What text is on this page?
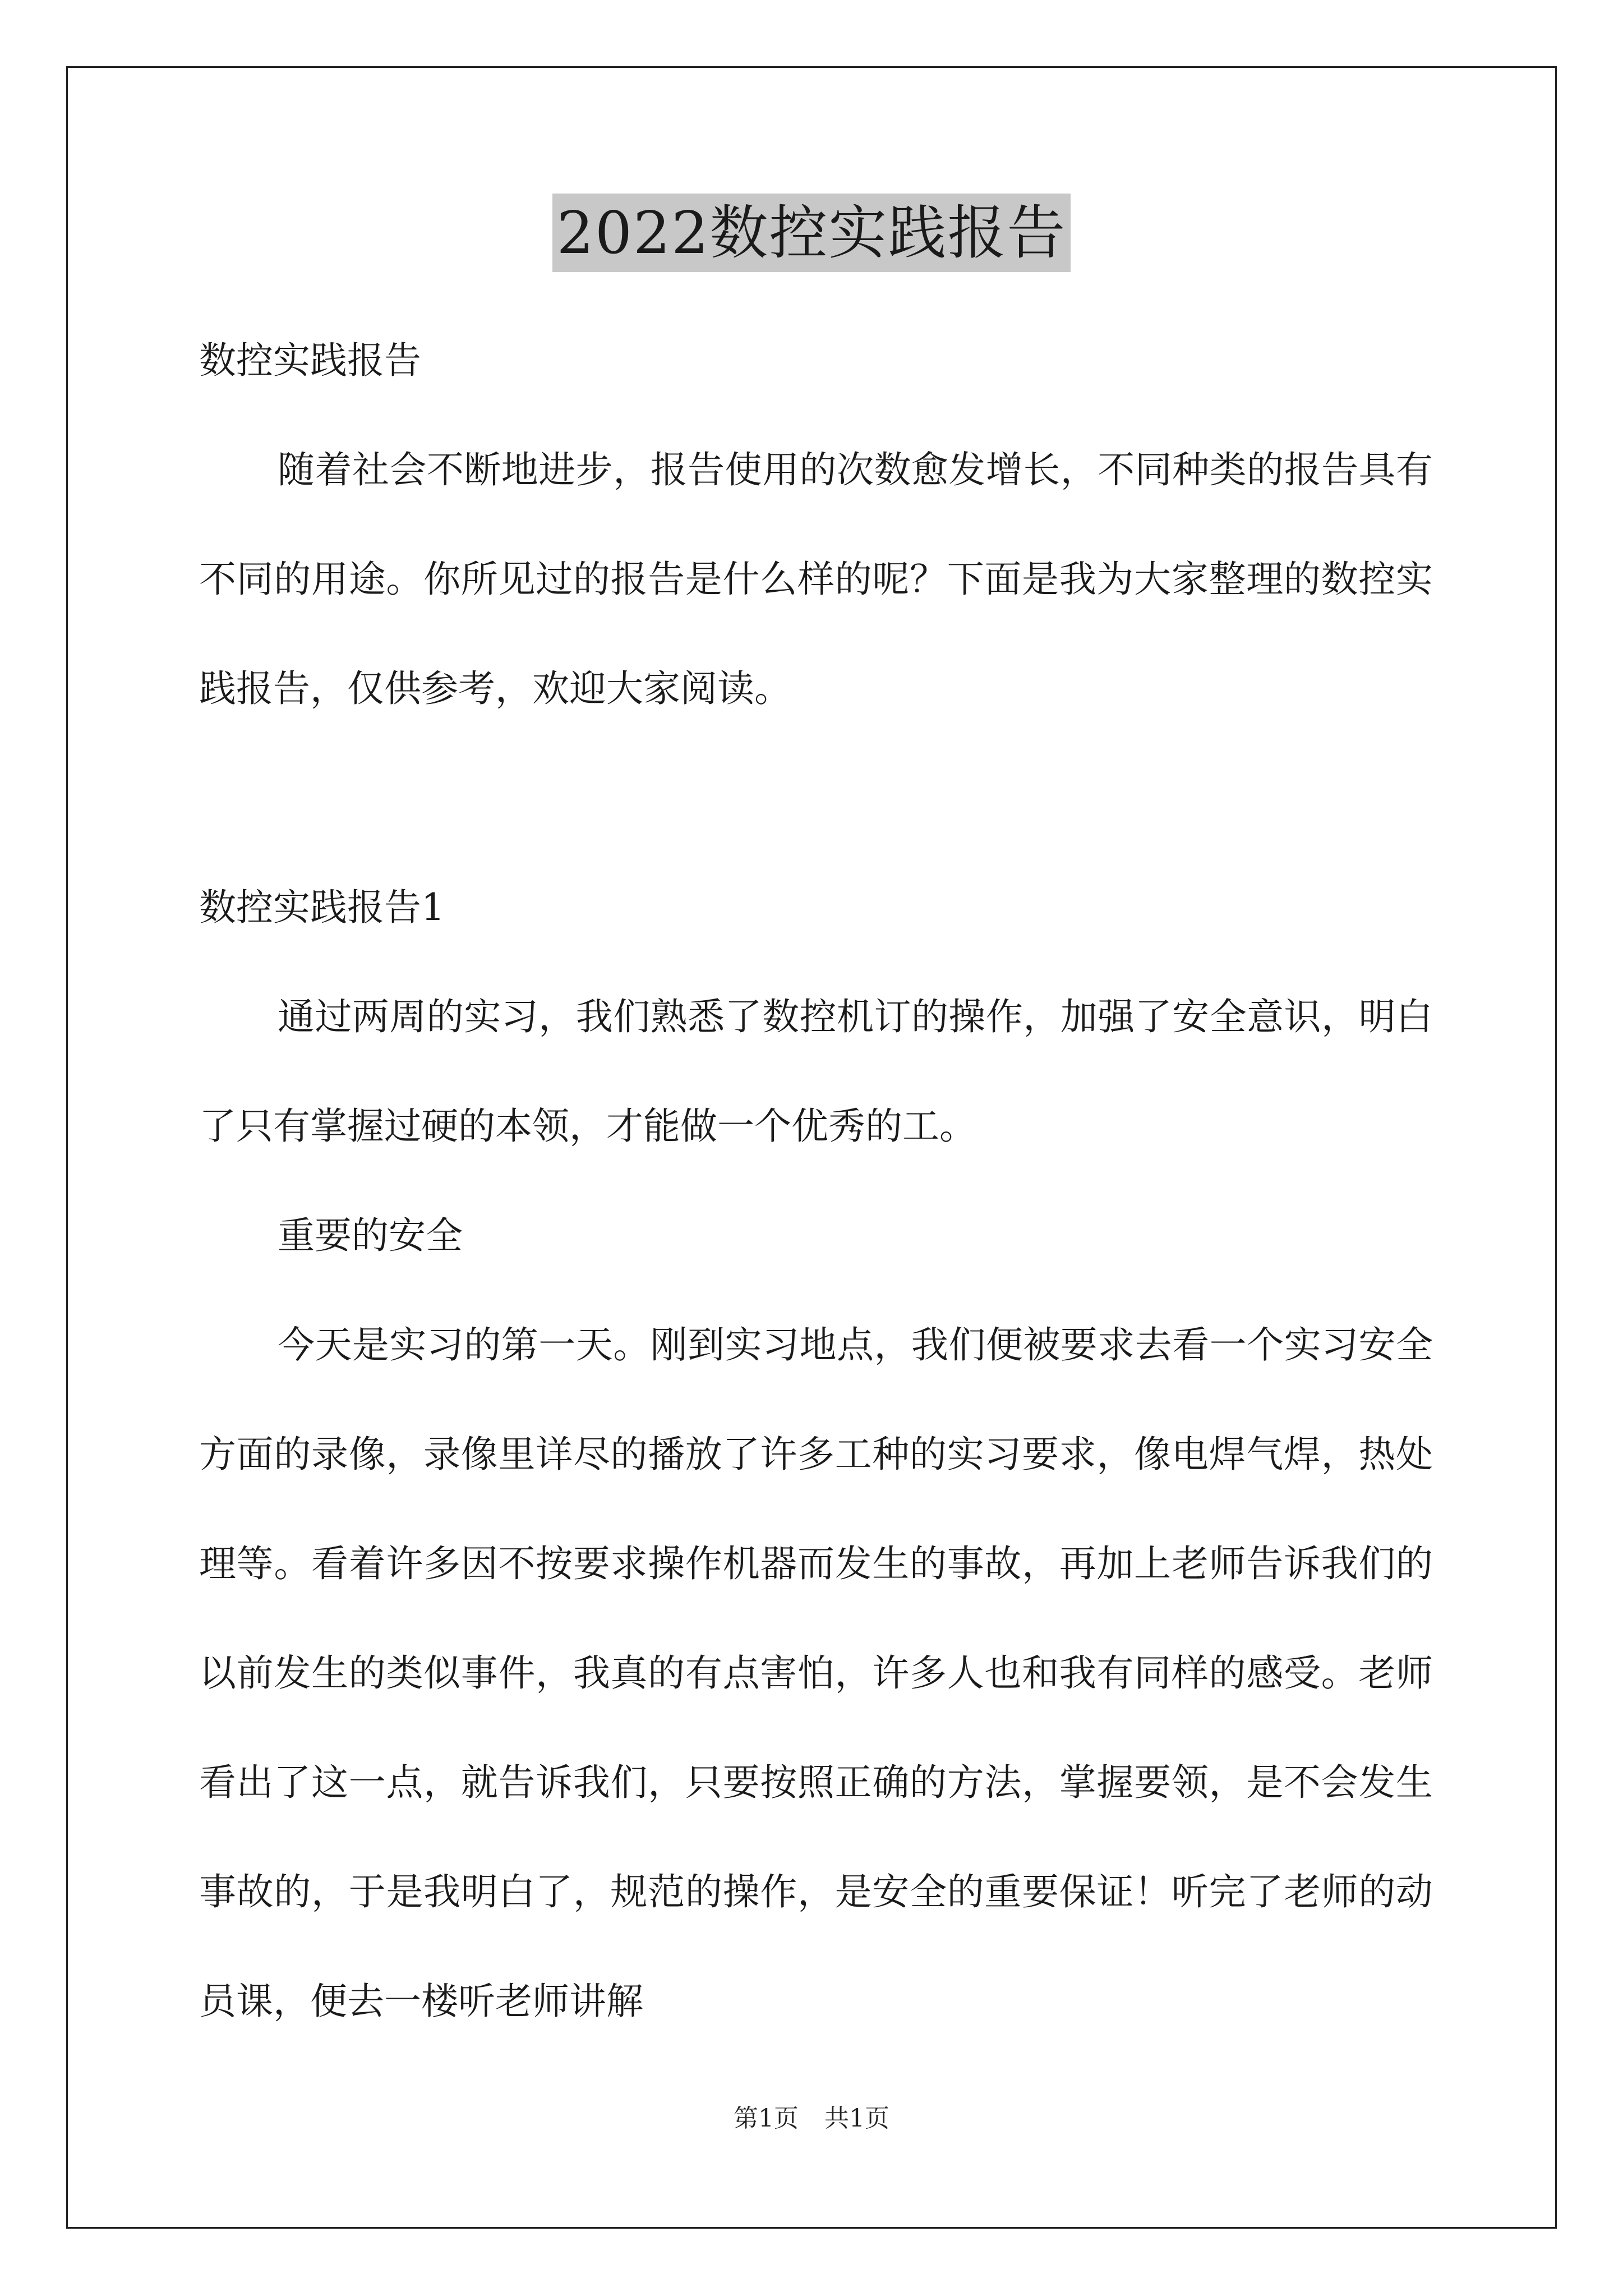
2022数控实践报告

数控实践报告

随着社会不断地进步，报告使用的次数愈发增长，不同种类的报告具有不同的用途。你所见过的报告是什么样的呢？下面是我为大家整理的数控实践报告，仅供参考，欢迎大家阅读。

数控实践报告1

通过两周的实习，我们熟悉了数控机订的操作，加强了安全意识，明白了只有掌握过硬的本领，才能做一个优秀的工。

重要的安全

今天是实习的第一天。刚到实习地点，我们便被要求去看一个实习安全方面的录像，录像里详尽的播放了许多工种的实习要求，像电焊气焊，热处理等。看着许多因不按要求操作机器而发生的事故，再加上老师告诉我们的以前发生的类似事件，我真的有点害怕，许多人也和我有同样的感受。老师看出了这一点，就告诉我们，只要按照正确的方法，掌握要领，是不会发生事故的，于是我明白了，规范的操作，是安全的重要保证！听完了老师的动员课，便去一楼听老师讲解

第1页 共1页
